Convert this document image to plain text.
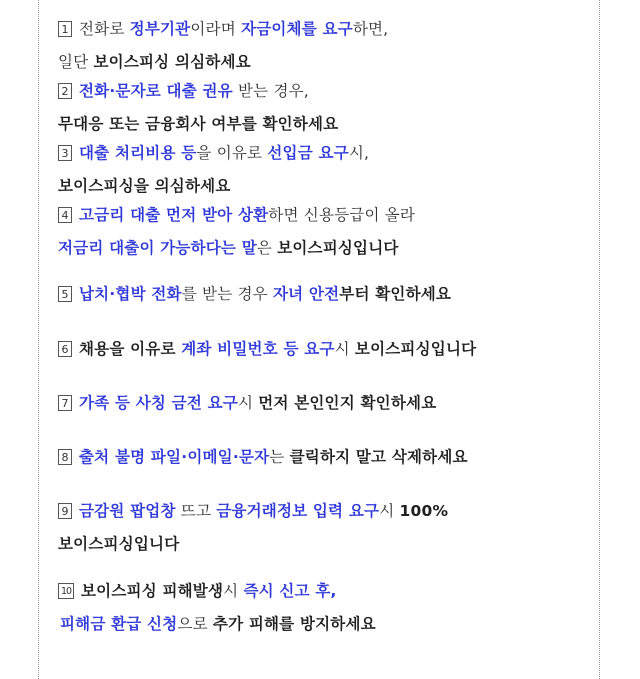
1 전화로 정부기관이라며 자금이체를 요구하면,
일단 보이스피싱 의심하세요
2 전화·문자로 대출 권유 받는 경우,
무대응 또는 금융회사 여부를 확인하세요
3 대출 처리비용 등을 이유로 선입금 요구시,
보이스피싱을 의심하세요
4 고금리 대출 먼저 받아 상환하면 신용등급이 올라
저금리 대출이 가능하다는 말은 보이스피싱입니다
5 납치·협박 전화를 받는 경우 자녀 안전부터 확인하세요
6 채용을 이유로 계좌 비밀번호 등 요구시 보이스피싱입니다
7 가족 등 사칭 금전 요구시 먼저 본인인지 확인하세요
8 출처 불명 파일·이메일·문자는 클릭하지 말고 삭제하세요
9 금감원 팝업창 뜨고 금융거래정보 입력 요구시 100%
보이스피싱입니다
10 보이스피싱 피해발생시 즉시 신고 후,
피해금 환급 신청으로 추가 피해를 방지하세요
